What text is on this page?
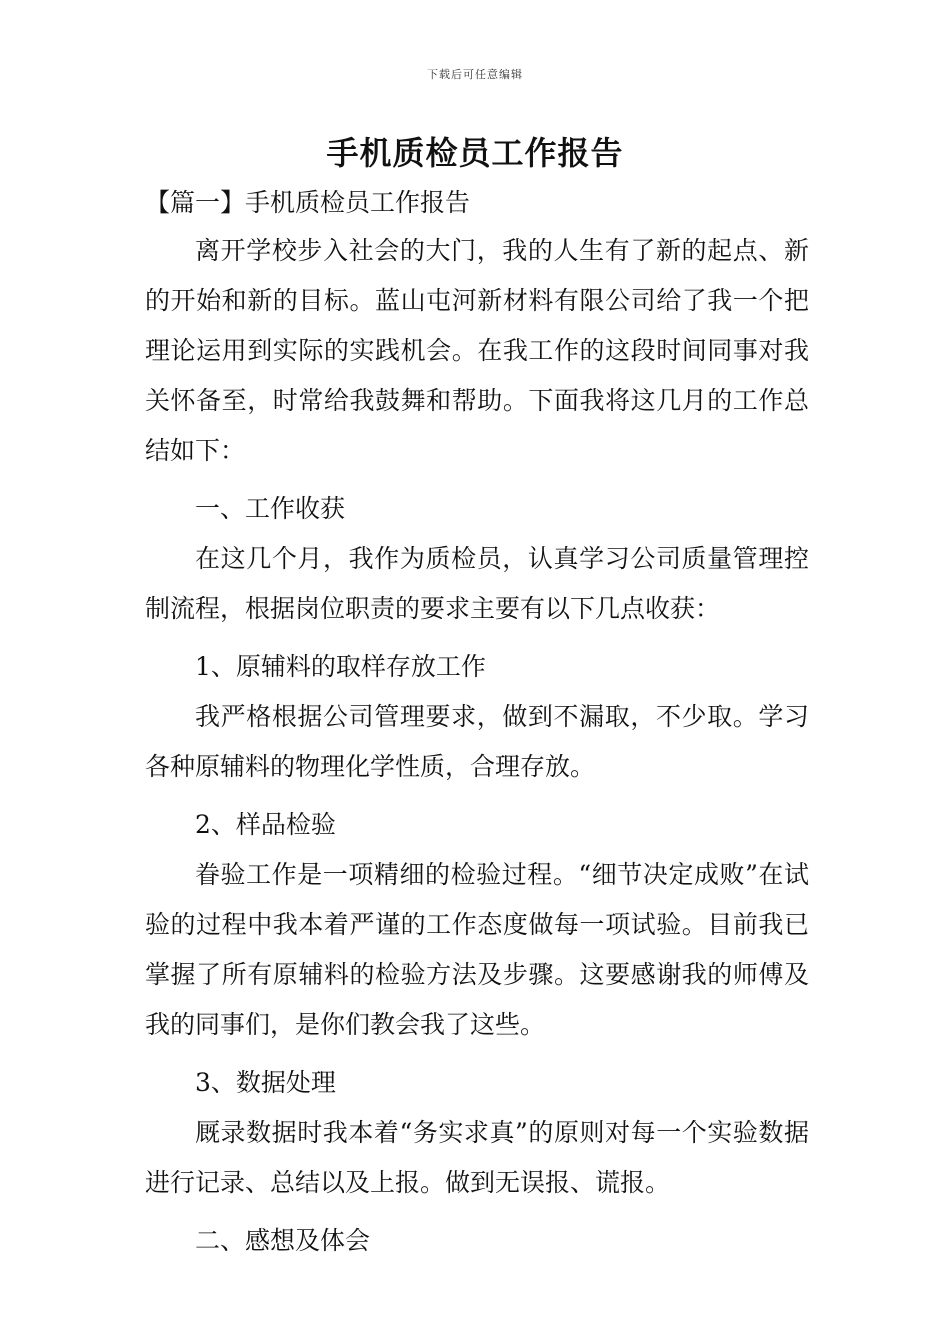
下载后可任意编辑
手机质检员工作报告
【篇一】手机质检员工作报告

离开学校步入社会的大门，我的人生有了新的起点、新的开始和新的目标。蓝山屯河新材料有限公司给了我一个把理论运用到实际的实践机会。在我工作的这段时间同事对我关怀备至，时常给我鼓舞和帮助。下面我将这几月的工作总结如下：

一、工作收获

在这几个月，我作为质检员，认真学习公司质量管理控制流程，根据岗位职责的要求主要有以下几点收获：

1、原辅料的取样存放工作

我严格根据公司管理要求，做到不漏取，不少取。学习各种原辅料的物理化学性质，合理存放。

2、样品检验

眷验工作是一项精细的检验过程。“细节决定成败”在试验的过程中我本着严谨的工作态度做每一项试验。目前我已掌握了所有原辅料的检验方法及步骤。这要感谢我的师傅及我的同事们，是你们教会我了这些。

3、数据处理

厩录数据时我本着“务实求真”的原则对每一个实验数据进行记录、总结以及上报。做到无误报、谎报。

二、感想及体会
